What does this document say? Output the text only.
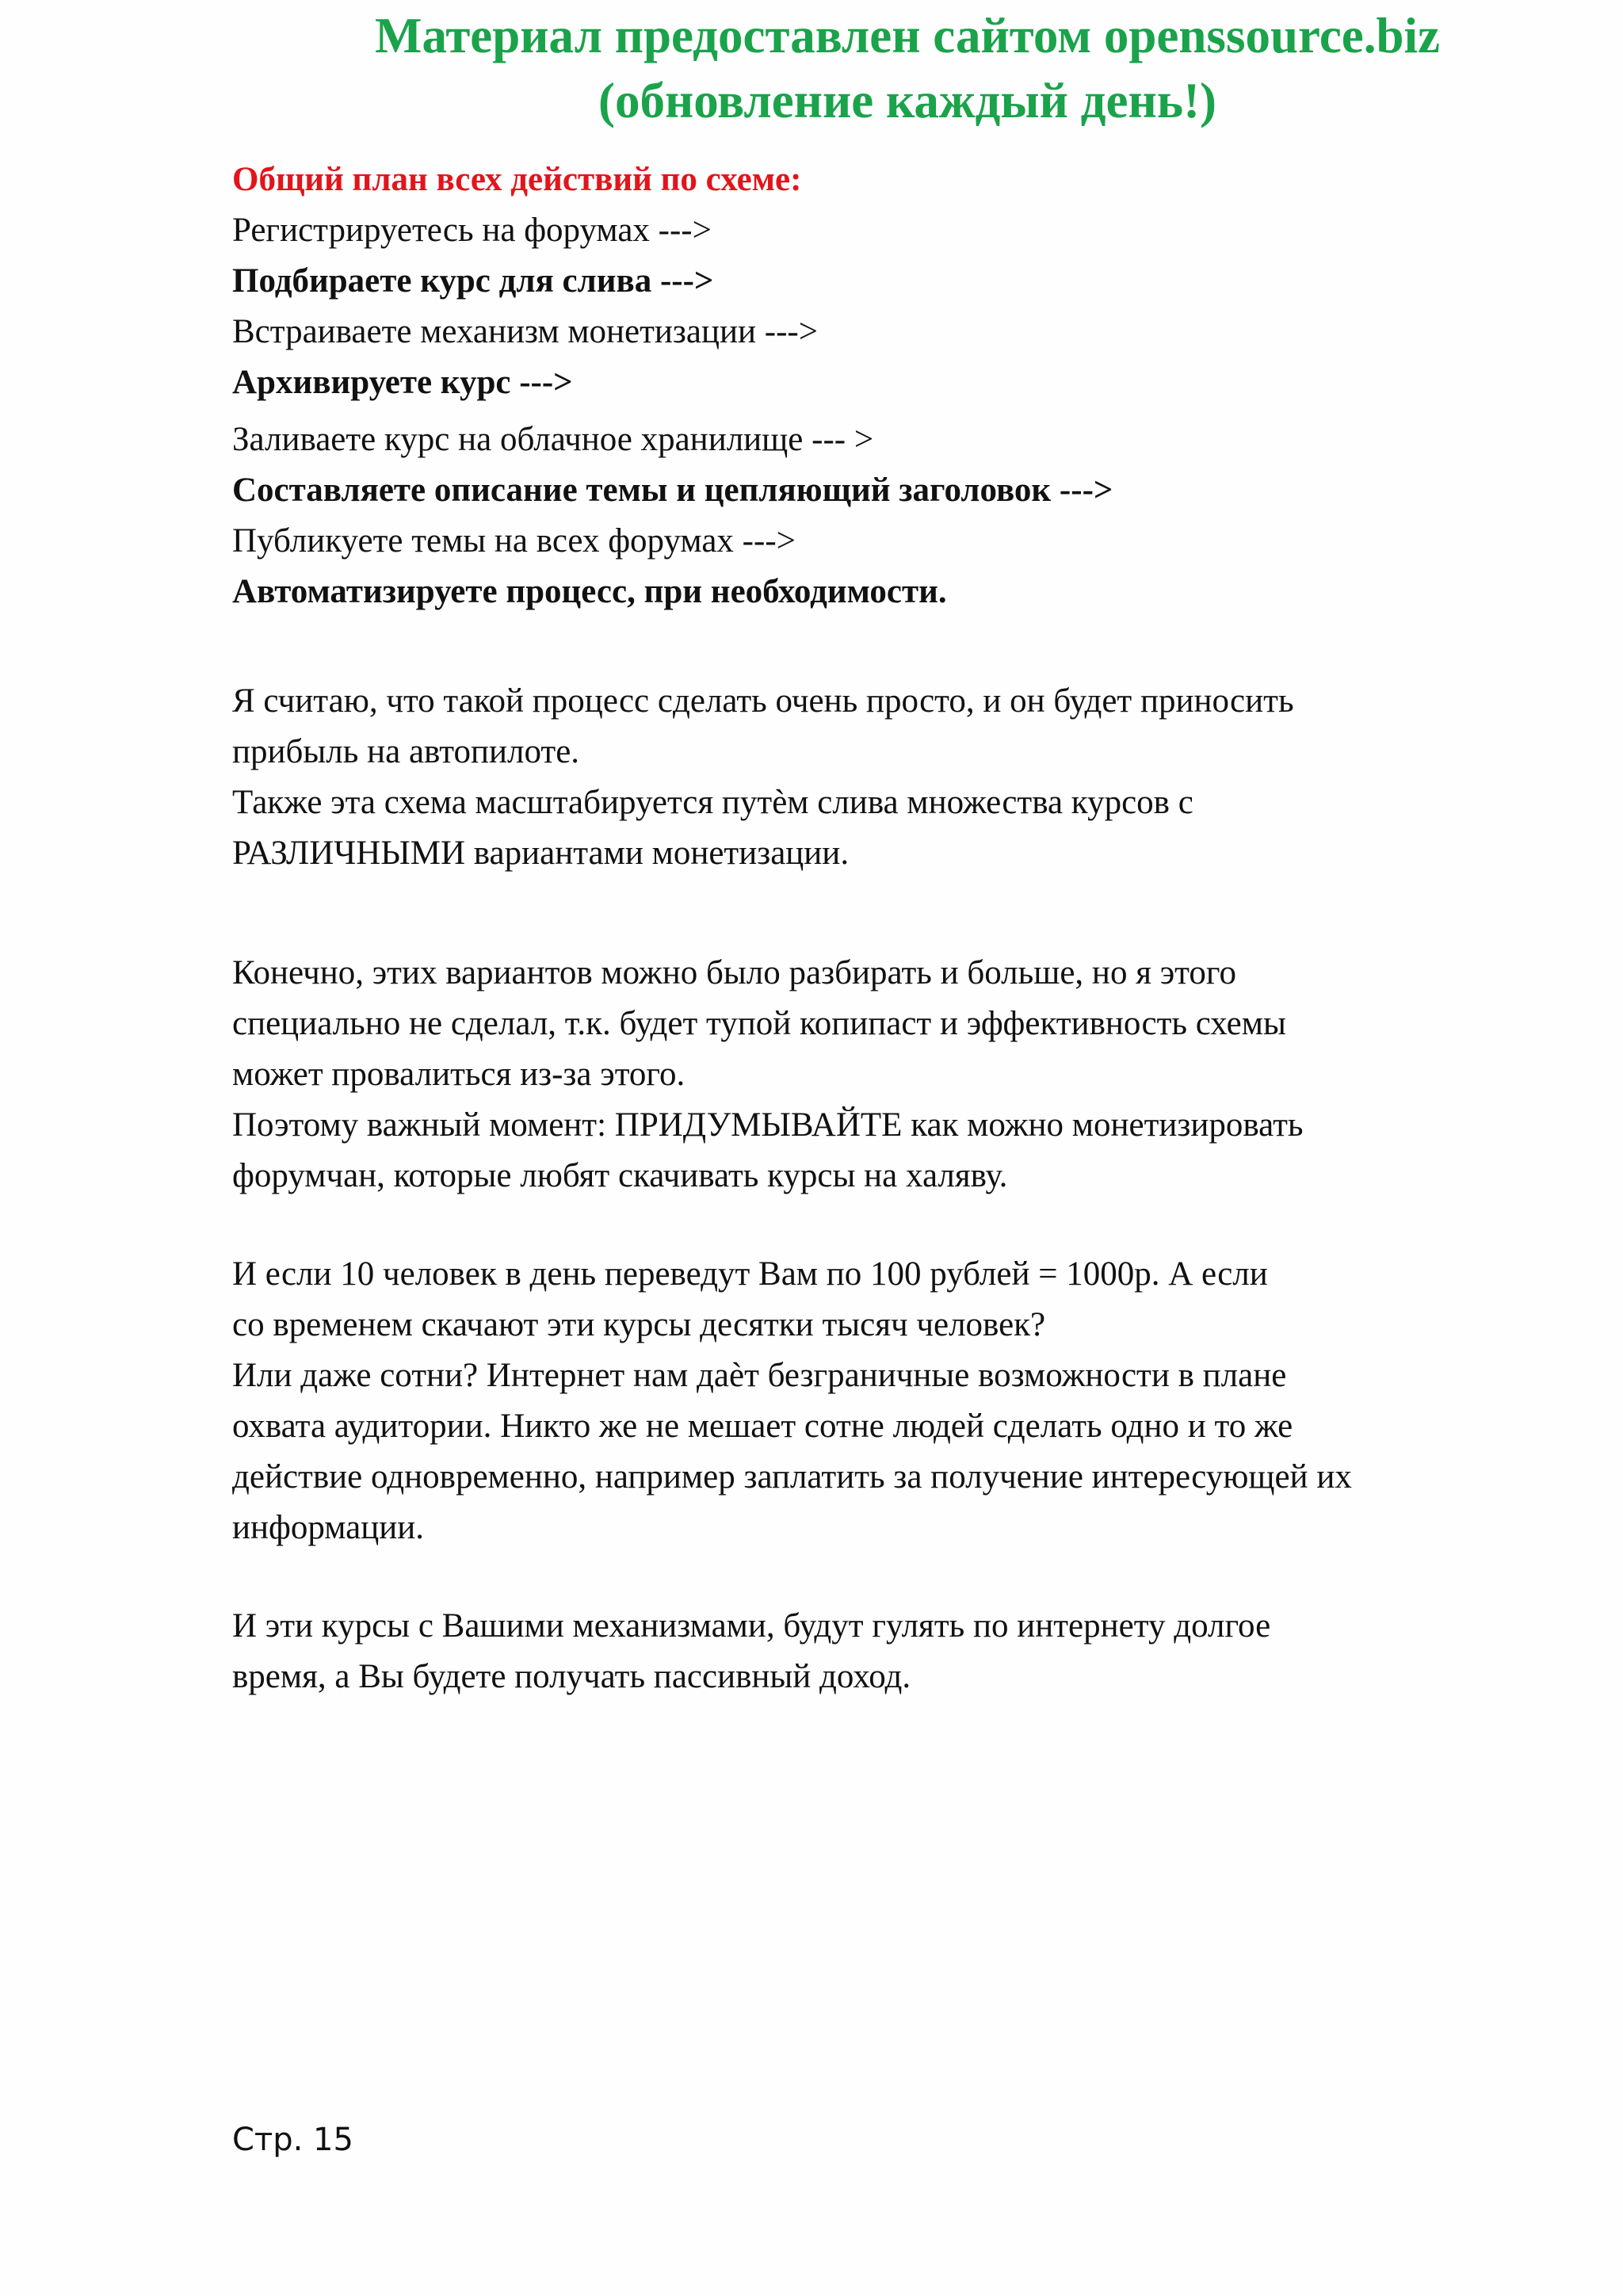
Материал предоставлен сайтом openssource.biz
(обновление каждый день!)
Общий план всех действий по схеме:
Регистрируетесь на форумах --->
Подбираете курс для слива --->
Встраиваете механизм монетизации --->
Архивируете курс --->
Заливаете курс на облачное хранилище --- >
Составляете описание темы и цепляющий заголовок --->
Публикуете темы на всех форумах --->
Автоматизируете процесс, при необходимости.
Я считаю, что такой процесс сделать очень просто, и он будет приносить
прибыль на автопилоте.
Также эта схема масштабируется путѐм слива множества курсов с
РАЗЛИЧНЫМИ вариантами монетизации.
Конечно, этих вариантов можно было разбирать и больше, но я этого
специально не сделал, т.к. будет тупой копипаст и эффективность схемы
может провалиться из-за этого.
Поэтому важный момент: ПРИДУМЫВАЙТЕ как можно монетизировать
форумчан, которые любят скачивать курсы на халяву.
И если 10 человек в день переведут Вам по 100 рублей = 1000р. А если
со временем скачают эти курсы десятки тысяч человек?
Или даже сотни? Интернет нам даѐт безграничные возможности в плане
охвата аудитории. Никто же не мешает сотне людей сделать одно и то же
действие одновременно, например заплатить за получение интересующей их
информации.
И эти курсы с Вашими механизмами, будут гулять по интернету долгое
время, а Вы будете получать пассивный доход.
Стр. 15
